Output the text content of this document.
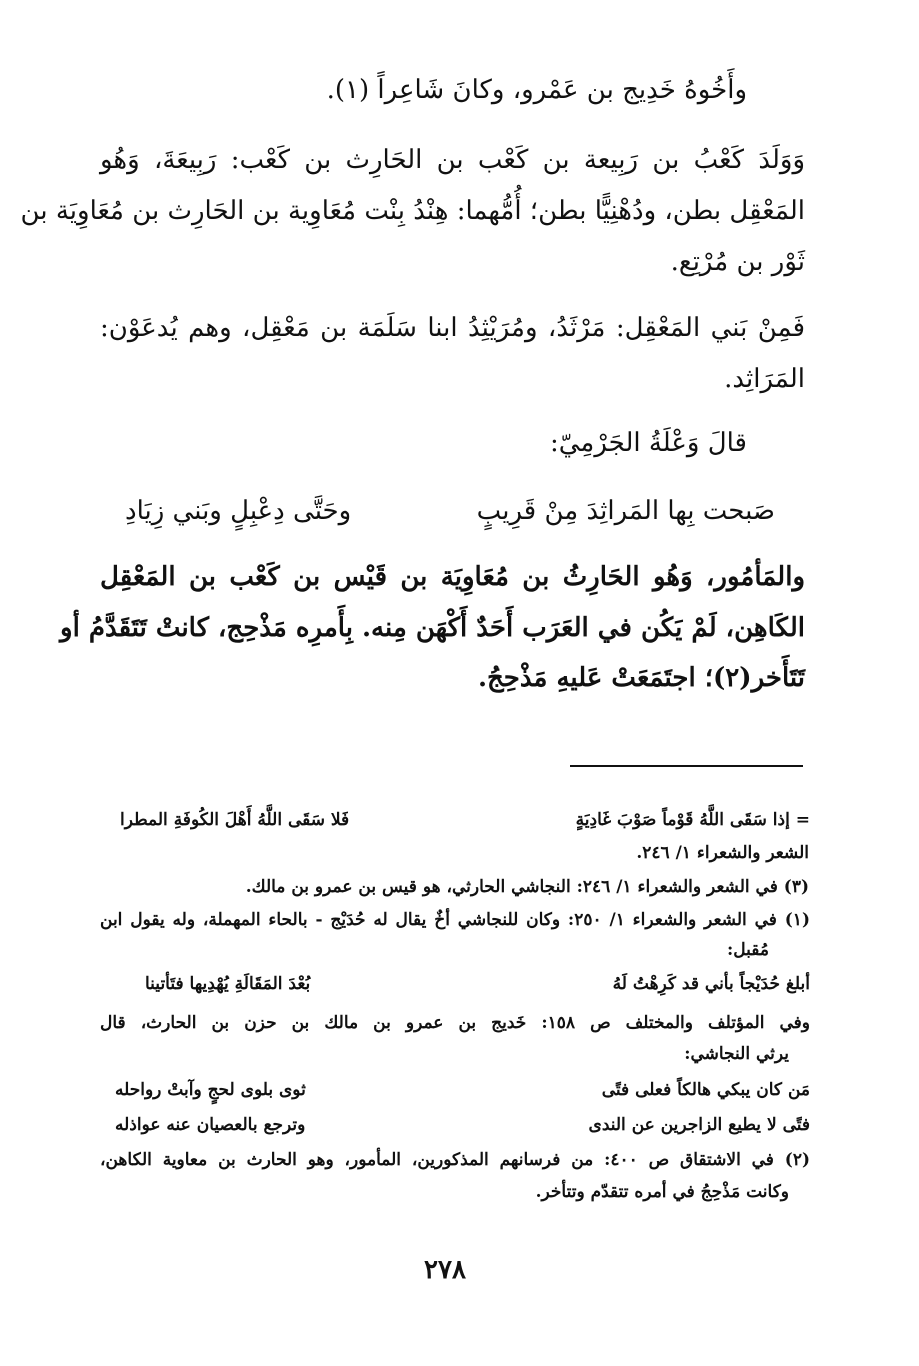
وأَخُوهُ خَدِيج بن عَمْرو، وكانَ شَاعِراً (١).
وَوَلَدَ كَعْبُ بن رَبِيعة بن كَعْب بن الحَارِث بن كَعْب: رَبِيعَةَ، وَهُو
المَعْقِل بطن، ودُهْنِيًّا بطن؛ أُمُّهما: هِنْدُ بِنْت مُعَاوِية بن الحَارِث بن مُعَاوِيَة بن
ثَوْر بن مُرْتِع.
فَمِنْ بَني المَعْقِل: مَرْثَدُ، ومُرَيْثِدُ ابنا سَلَمَة بن مَعْقِل، وهم يُدعَوْن:
المَرَاثِد.
قالَ وَعْلَةُ الجَرْمِيّ:
صَبحت بِها المَراثِدَ مِنْ قَرِيبٍ
وحَتَّى دِعْبِلٍ وبَني زِيَادِ
والمَأمُور، وَهُو الحَارِثُ بن مُعَاوِيَة بن قَيْس بن كَعْب بن المَعْقِل
الكَاهِن، لَمْ يَكُن في العَرَب أَحَدٌ أَكْهَن مِنه. بِأَمرِه مَذْحِج، كانتْ تَتَقَدَّمُ أو
تَتَأَخر(٢)؛ اجتَمَعَتْ عَليهِ مَذْحِجُ.
= إذا سَقَى اللَّهُ قَوْماً صَوْبَ غَادِيَةٍ
فَلا سَقَى اللَّهُ أَهْلَ الكُوفَةِ المطرا
الشعر والشعراء ١/ ٢٤٦.
(٣) في الشعر والشعراء ١/ ٢٤٦: النجاشي الحارثي، هو قيس بن عمرو بن مالك.
(١) في الشعر والشعراء ١/ ٢٥٠: وكان للنجاشي أخٌ يقال له حُدَيْج - بالحاء المهملة، وله يقول ابن
مُقبل:
أبلغ حُدَيْجاً بأني قد كَرِهْتُ لَهُ
بُعْدَ المَقَالَةِ يُهْدِيها فتَأتينا
وفي المؤتلف والمختلف ص ١٥٨: خَديج بن عمرو بن مالك بن حزن بن الحارث، قال
يرثي النجاشي:
مَن كان يبكي هالكاً فعلى فتًى
ثوى بلوى لحجٍ وآبتْ رواحله
فتًى لا يطيع الزاجرين عن الندى
وترجع بالعصيان عنه عواذله
(٢) في الاشتقاق ص ٤٠٠: من فرسانهم المذكورين، المأمور، وهو الحارث بن معاوية الكاهن،
وكانت مَذْحِجُ في أمره تتقدّم وتتأخر.
٢٧٨
